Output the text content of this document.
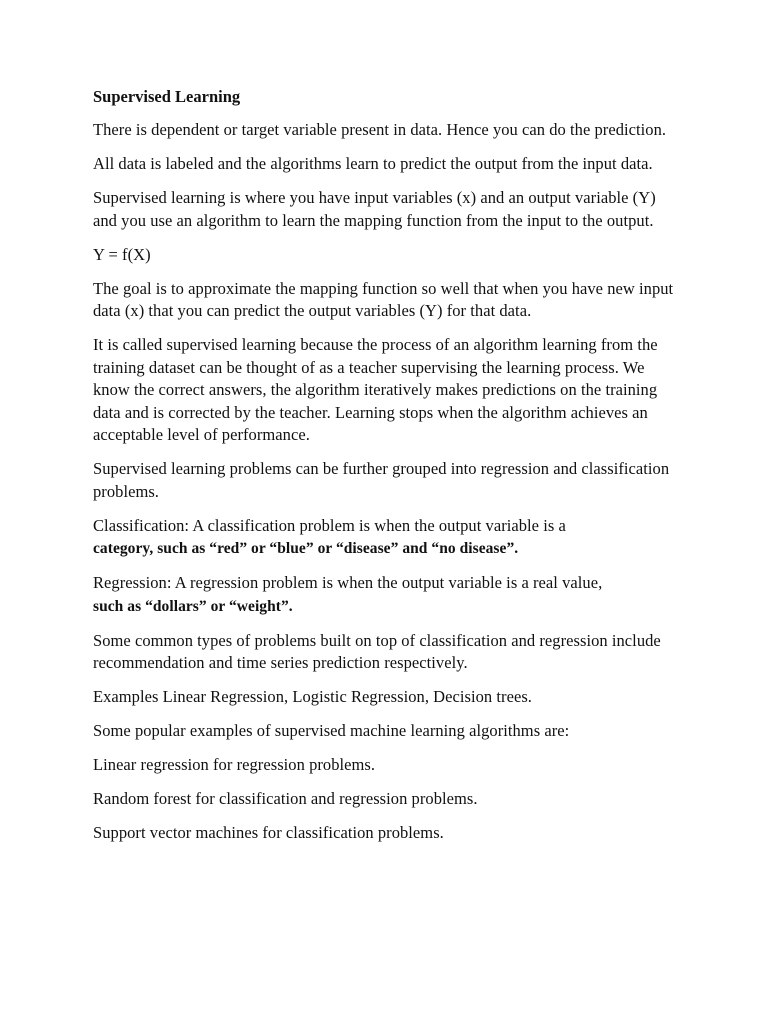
Supervised Learning

There is dependent or target variable present in data. Hence you can do the prediction.

All data is labeled and the algorithms learn to predict the output from the input data.

Supervised learning is where you have input variables (x) and an output variable (Y) and you use an algorithm to learn the mapping function from the input to the output.

Y = f(X)

The goal is to approximate the mapping function so well that when you have new input data (x) that you can predict the output variables (Y) for that data.

It is called supervised learning because the process of an algorithm learning from the training dataset can be thought of as a teacher supervising the learning process. We know the correct answers, the algorithm iteratively makes predictions on the training data and is corrected by the teacher. Learning stops when the algorithm achieves an acceptable level of performance.

Supervised learning problems can be further grouped into regression and classification problems.

Classification: A classification problem is when the output variable is a
category, such as “red” or “blue” or “disease” and “no disease”.

Regression: A regression problem is when the output variable is a real value,
such as “dollars” or “weight”.

Some common types of problems built on top of classification and regression include recommendation and time series prediction respectively.

Examples Linear Regression, Logistic Regression, Decision trees.

Some popular examples of supervised machine learning algorithms are:

Linear regression for regression problems.

Random forest for classification and regression problems.

Support vector machines for classification problems.
